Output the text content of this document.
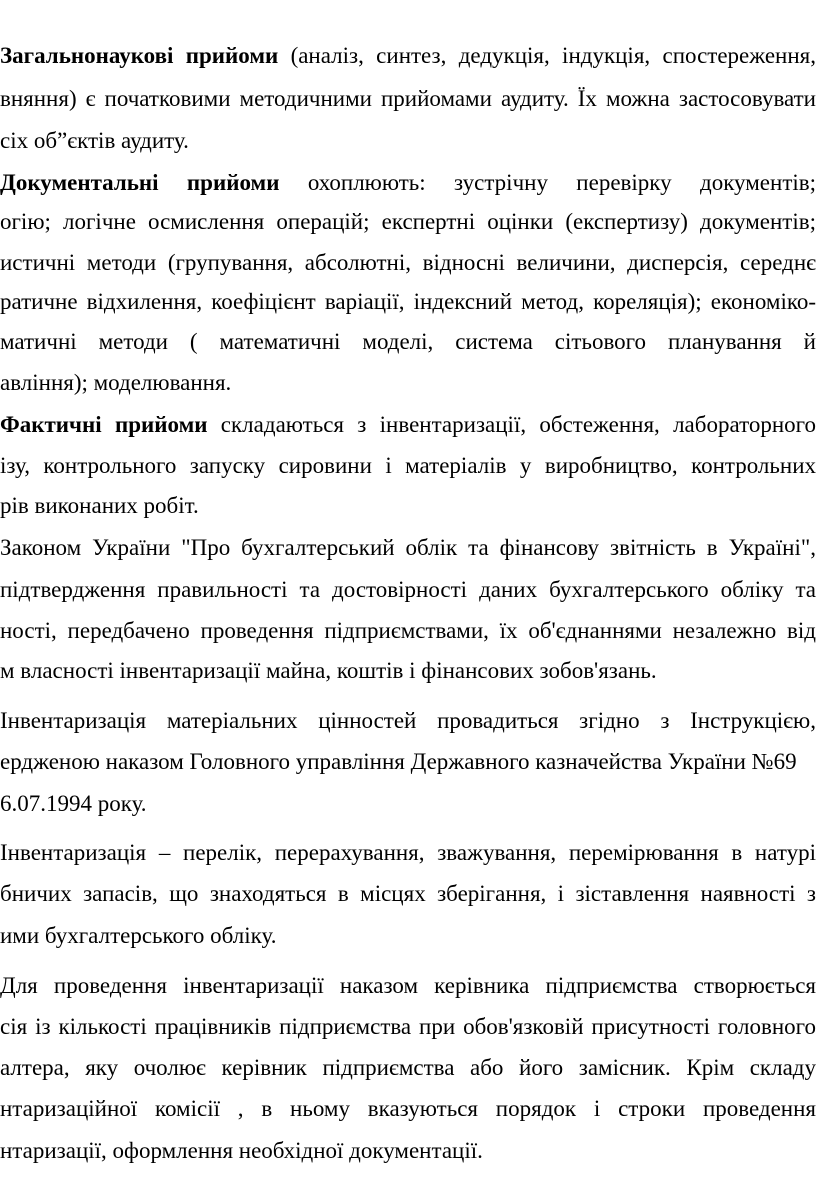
Загальнонаукові прийоми (аналіз, синтез, дедукція, індукція, спостереження,
вняння) є початковими методичними прийомами аудиту. Їх можна застосовувати
сіх об”єктів аудиту.
Документальні прийоми охоплюють: зустрічну перевірку документів;
огію; логічне осмислення операцій; експертні оцінки (експертизу) документів;
истичні методи (групування, абсолютні, відносні величини, дисперсія, середнє
ратичне відхилення, коефіцієнт варіації, індексний метод, кореляція); економіко-
матичні методи ( математичні моделі, система сітьового планування й
авління); моделювання.
Фактичні прийоми складаються з інвентаризації, обстеження, лабораторного
ізу, контрольного запуску сировини і матеріалів у виробництво, контрольних
рів виконаних робіт.
Законом України "Про бухгалтерський облік та фінансову звітність в Україні",
підтвердження правильності та достовірності даних бухгалтерського обліку та
ності, передбачено проведення підприємствами, їх об'єднаннями незалежно від
м власності інвентаризації майна, коштів і фінансових зобов'язань.
Інвентаризація матеріальних цінностей провадиться згідно з Інструкцією,
ердженою наказом Головного управління Державного казначейства України №69
6.07.1994 року.
Інвентаризація – перелік, перерахування, зважування, перемірювання в натурі
бничих запасів, що знаходяться в місцях зберігання, і зіставлення наявності з
ими бухгалтерського обліку.
Для проведення інвентаризації наказом керівника підприємства створюється
сія із кількості працівників підприємства при обов'язковій присутності головного
алтера, яку очолює керівник підприємства або його замісник. Крім складу
нтаризаційної комісії , в ньому вказуються порядок і строки проведення
нтаризації, оформлення необхідної документації.
